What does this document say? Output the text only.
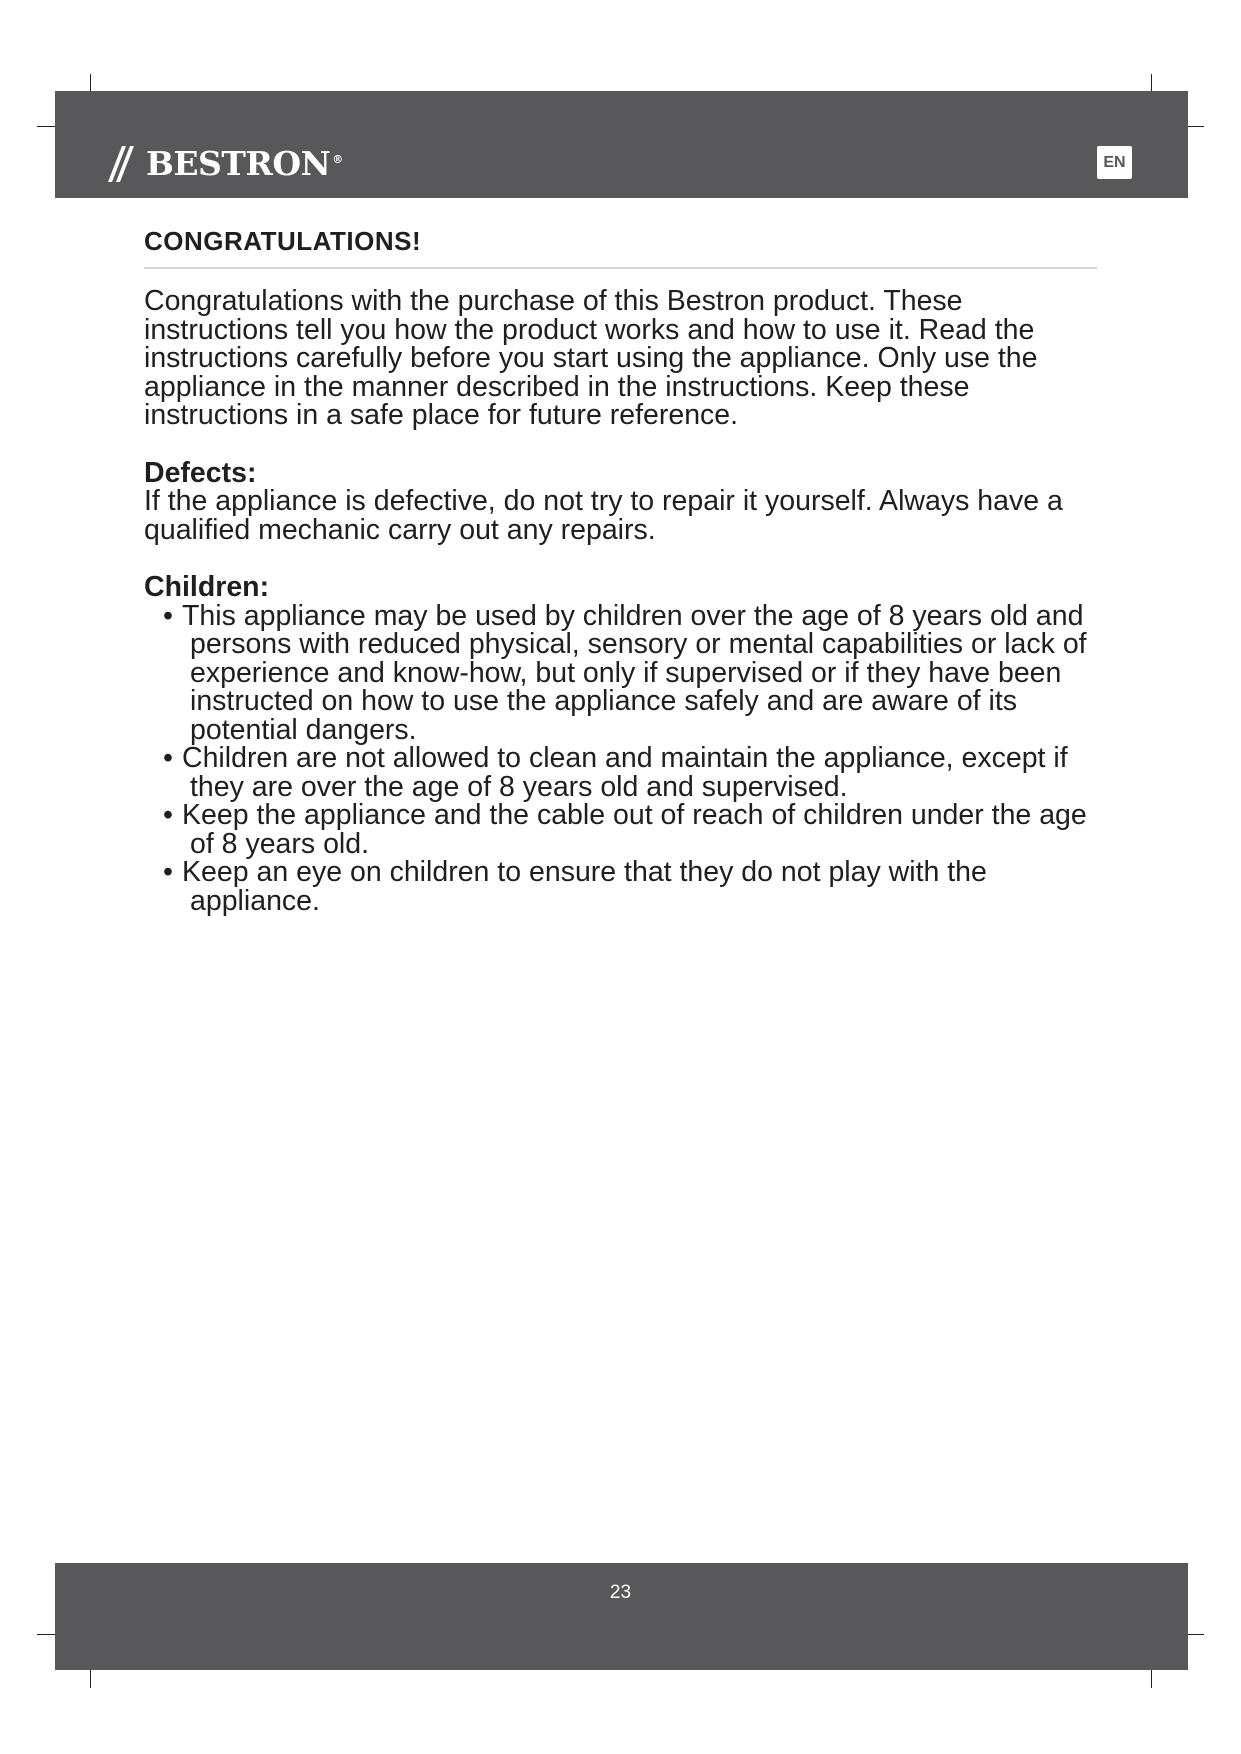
BESTRON ®	EN
CONGRATULATIONS!

Congratulations with the purchase of this Bestron product. These instructions tell you how the product works and how to use it. Read the instructions carefully before you start using the appliance. Only use the appliance in the manner described in the instructions. Keep these instructions in a safe place for future reference.

Defects:

If the appliance is defective, do not try to repair it yourself. Always have a qualified mechanic carry out any repairs.

Children:

• This appliance may be used by children over the age of 8 years old and persons with reduced physical, sensory or mental capabilities or lack of experience and know-how, but only if supervised or if they have been instructed on how to use the appliance safely and are aware of its potential dangers.
• Children are not allowed to clean and maintain the appliance, except if they are over the age of 8 years old and supervised.
• Keep the appliance and the cable out of reach of children under the age of 8 years old.
• Keep an eye on children to ensure that they do not play with the appliance.
23
